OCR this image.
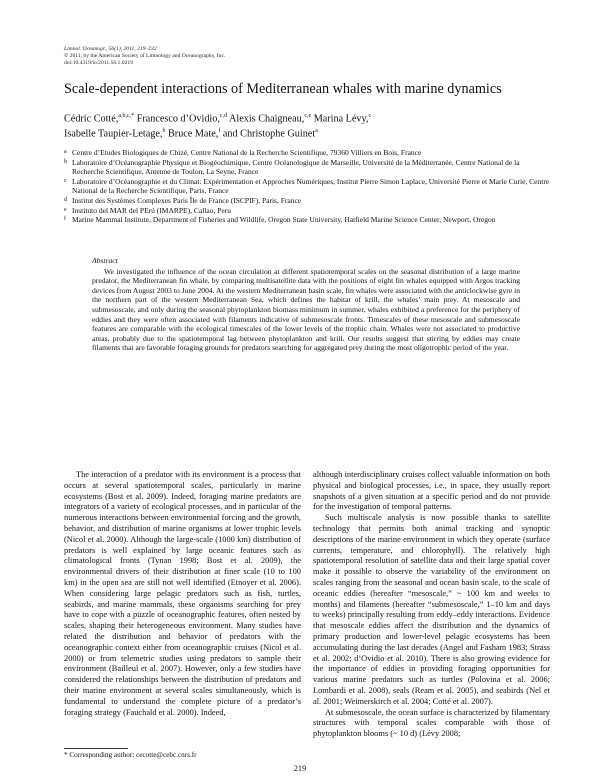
Limnol. Oceanogr., 56(1), 2011, 219–232
© 2011, by the American Society of Limnology and Oceanography, Inc.
doi:10.4319/lo.2011.56.1.0219
Scale-dependent interactions of Mediterranean whales with marine dynamics
Cédric Cotté,$^{a,b,c,*}$ Francesco d’Ovidio,$^{c,d}$ Alexis Chaigneau,$^{c,e}$ Marina Lévy,$^c$
Isabelle Taupier-Letage,$^b$ Bruce Mate,$^f$ and Christophe Guinet$^a$
a Centre d’Etudes Biologiques de Chizé, Centre National de la Recherche Scientifique, 79360 Villiers en Bois, France
b Laboratoire d’Océanographie Physique et Biogéochimique, Centre Océanologique de Marseille, Université de la Méditerranée, Centre National de la Recherche Scientifique, Antenne de Toulon, La Seyne, France
c Laboratoire d’Océanographie et du Climat: Expérimentation et Approches Numériques, Institut Pierre Simon Laplace, Université Pierre et Marie Curie, Centre National de la Recherche Scientifique, Paris, France
d Institut des Systèmes Complexes Paris Île de France (ISCPIF), Paris, France
e Instituto del MAR del PErú (IMARPE), Callao, Peru
f Marine Mammal Institute, Department of Fisheries and Wildlife, Oregon State University, Hatfield Marine Science Center, Newport, Oregon
Abstract

We investigated the influence of the ocean circulation at different spatiotemporal scales on the seasonal distribution of a large marine predator, the Mediterranean fin whale, by comparing multisatellite data with the positions of eight fin whales equipped with Argos tracking devices from August 2003 to June 2004. At the western Mediterranean basin scale, fin whales were associated with the anticlockwise gyre in the northern part of the western Mediterranean Sea, which defines the habitat of krill, the whales’ main prey. At mesoscale and submesoscale, and only during the seasonal phytoplankton biomass minimum in summer, whales exhibited a preference for the periphery of eddies and they were often associated with filaments indicative of submesoscale fronts. Timescales of these mesoscale and submesoscale features are comparable with the ecological timescales of the lower levels of the trophic chain. Whales were not associated to productive areas, probably due to the spatiotemporal lag between phytoplankton and krill. Our results suggest that stirring by eddies may create filaments that are favorable foraging grounds for predators searching for aggregated prey during the most oligotrophic period of the year.

The interaction of a predator with its environment is a process that occurs at several spatiotemporal scales, particularly in marine ecosystems (Bost et al. 2009). Indeed, foraging marine predators are integrators of a variety of ecological processes, and in particular of the numerous interactions between environmental forcing and the growth, behavior, and distribution of marine organisms at lower trophic levels (Nicol et al. 2000). Although the large-scale (1000 km) distribution of predators is well explained by large oceanic features such as climatological fronts (Tynan 1998; Bost et al. 2009), the environmental drivers of their distribution at finer scale (10 to 100 km) in the open sea are still not well identified (Etnoyer et al. 2006). When considering large pelagic predators such as fish, turtles, seabirds, and marine mammals, these organisms searching for prey have to cope with a puzzle of oceanographic features, often nested by scales, shaping their heterogeneous environment. Many studies have related the distribution and behavior of predators with the oceanographic context either from oceanographic cruises (Nicol et al. 2000) or from telemetric studies using predators to sample their environment (Bailleul et al. 2007). However, only a few studies have considered the relationships between the distribution of predators and their marine environment at several scales simultaneously, which is fundamental to understand the complete picture of a predator’s foraging strategy (Fauchald et al. 2000). Indeed,

although interdisciplinary cruises collect valuable information on both physical and biological processes, i.e., in space, they usually report snapshots of a given situation at a specific period and do not provide for the investigation of temporal patterns.

Such multiscale analysis is now possible thanks to satellite technology that permits both animal tracking and synoptic descriptions of the marine environment in which they operate (surface currents, temperature, and chlorophyll). The relatively high spatiotemporal resolution of satellite data and their large spatial cover make it possible to observe the variability of the environment on scales ranging from the seasonal and ocean basin scale, to the scale of oceanic eddies (hereafter “mesoscale,” ~ 100 km and weeks to months) and filaments (hereafter “submesoscale,” 1–10 km and days to weeks) principally resulting from eddy–eddy interactions. Evidence that mesoscale eddies affect the distribution and the dynamics of primary production and lower-level pelagic ecosystems has been accumulating during the last decades (Angel and Fasham 1983; Strass et al. 2002; d’Ovidio et al. 2010). There is also growing evidence for the importance of eddies in providing foraging opportunities for various marine predators such as turtles (Polovina et al. 2006; Lombardi et al. 2008), seals (Ream et al. 2005), and seabirds (Nel et al. 2001; Weimerskirch et al. 2004; Cotté et al. 2007).

At submesoscale, the ocean surface is characterized by filamentary structures with temporal scales comparable with those of phytoplankton blooms (~ 10 d) (Lévy 2008;

* Corresponding author: cecotte@cebc.cnrs.fr
219
